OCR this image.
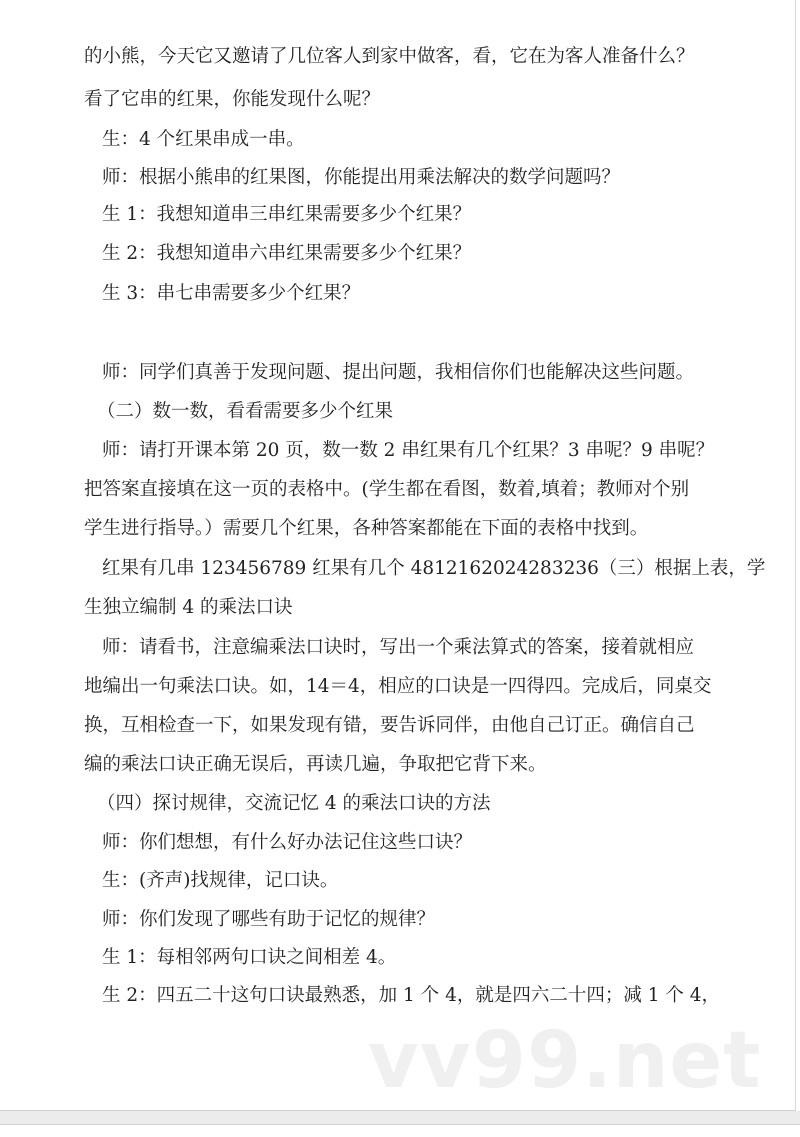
的小熊，今天它又邀请了几位客人到家中做客，看，它在为客人准备什么？
看了它串的红果，你能发现什么呢？
生：4 个红果串成一串。
师：根据小熊串的红果图，你能提出用乘法解决的数学问题吗？
生 1：我想知道串三串红果需要多少个红果？
生 2：我想知道串六串红果需要多少个红果？
生 3：串七串需要多少个红果？
师：同学们真善于发现问题、提出问题，我相信你们也能解决这些问题。
（二）数一数，看看需要多少个红果
师：请打开课本第 20 页，数一数 2 串红果有几个红果？3 串呢？9 串呢？
把答案直接填在这一页的表格中。(学生都在看图，数着,填着；教师对个别
学生进行指导。）需要几个红果，各种答案都能在下面的表格中找到。
红果有几串 123456789 红果有几个 4812162024283236（三）根据上表，学
生独立编制 4 的乘法口诀
师：请看书，注意编乘法口诀时，写出一个乘法算式的答案，接着就相应
地编出一句乘法口诀。如，14＝4，相应的口诀是一四得四。完成后，同桌交
换，互相检查一下，如果发现有错，要告诉同伴，由他自己订正。确信自己
编的乘法口诀正确无误后，再读几遍，争取把它背下来。
（四）探讨规律，交流记忆 4 的乘法口诀的方法
师：你们想想，有什么好办法记住这些口诀？
生：(齐声)找规律，记口诀。
师：你们发现了哪些有助于记忆的规律？
生 1：每相邻两句口诀之间相差 4。
生 2：四五二十这句口诀最熟悉，加 1 个 4，就是四六二十四；减 1 个 4，
vv99.net
